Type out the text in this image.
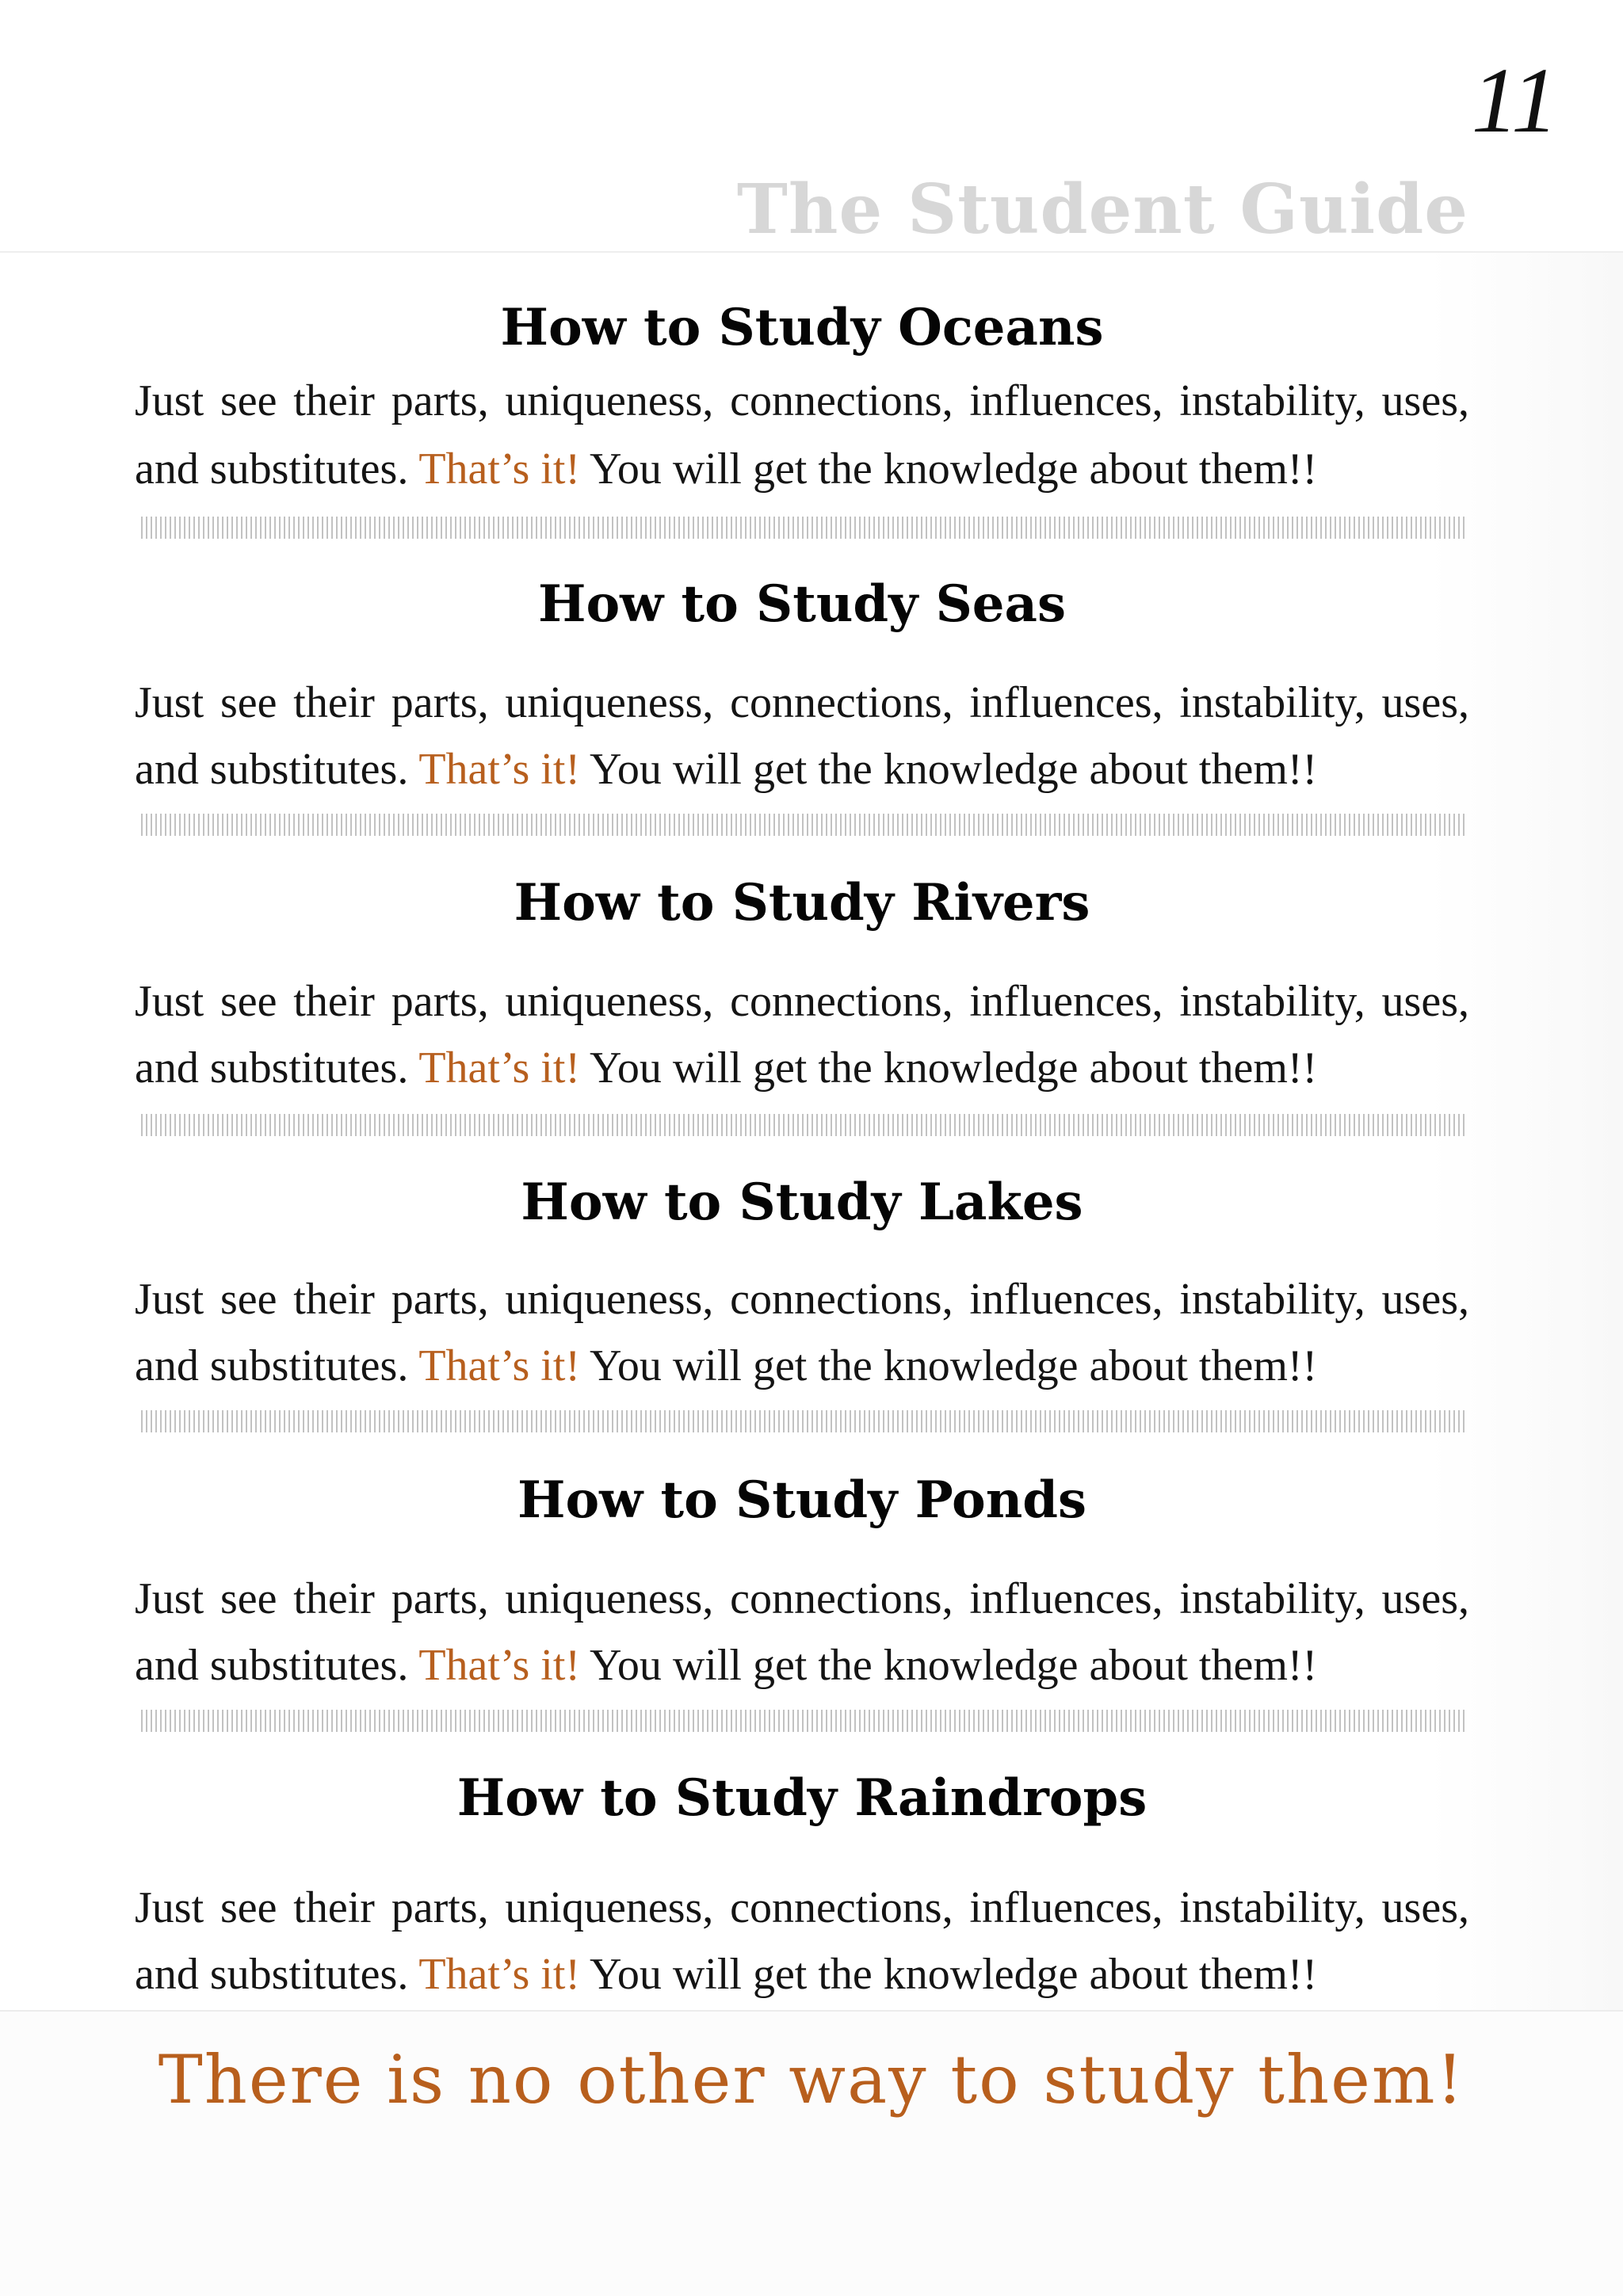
11
The Student Guide
How to Study Oceans
Just see their parts, uniqueness, connections, influences, instability, uses,
and substitutes. That’s it! You will get the knowledge about them!!
How to Study Seas
Just see their parts, uniqueness, connections, influences, instability, uses,
and substitutes. That’s it! You will get the knowledge about them!!
How to Study Rivers
Just see their parts, uniqueness, connections, influences, instability, uses,
and substitutes. That’s it! You will get the knowledge about them!!
How to Study Lakes
Just see their parts, uniqueness, connections, influences, instability, uses,
and substitutes. That’s it! You will get the knowledge about them!!
How to Study Ponds
Just see their parts, uniqueness, connections, influences, instability, uses,
and substitutes. That’s it! You will get the knowledge about them!!
How to Study Raindrops
Just see their parts, uniqueness, connections, influences, instability, uses,
and substitutes. That’s it! You will get the knowledge about them!!
There is no other way to study them!
